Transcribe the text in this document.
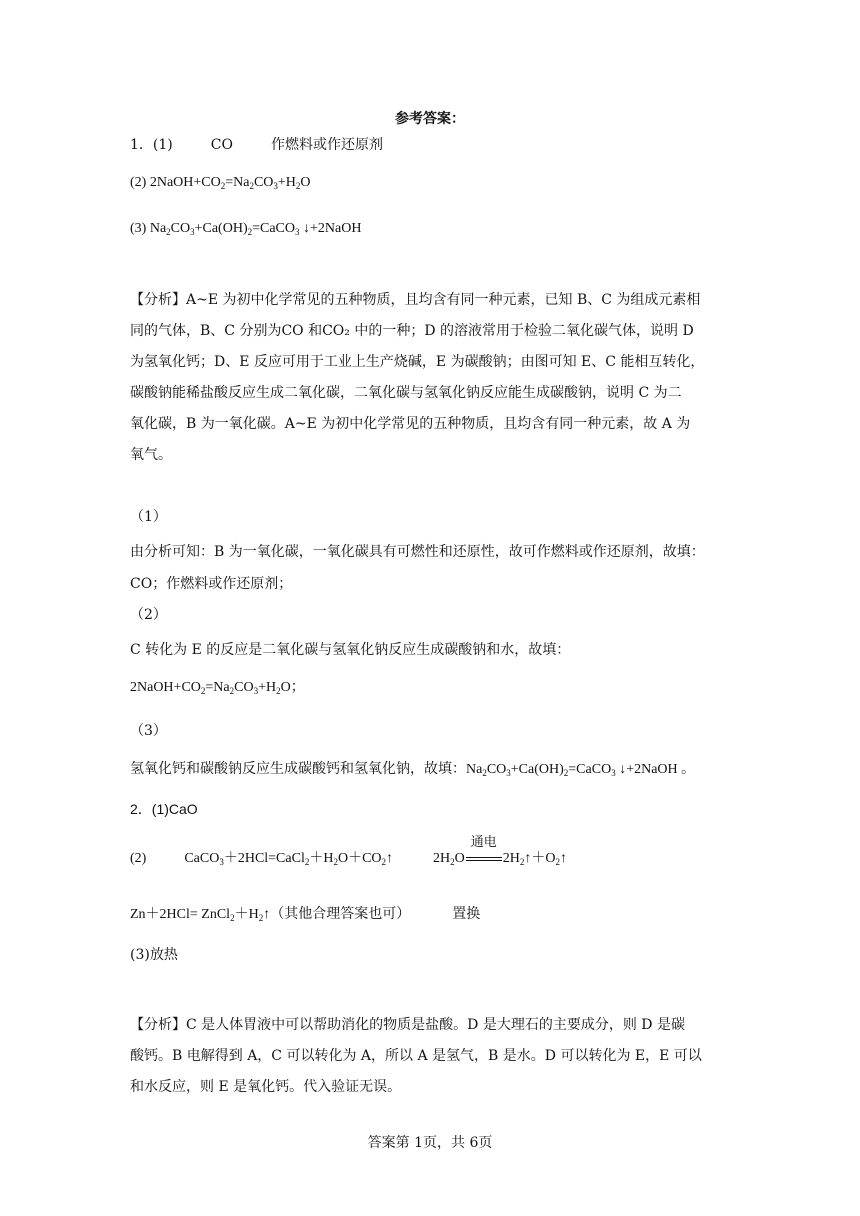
参考答案：
1．(1)	CO	作燃料或作还原剂
(2) $2NaOH+CO_2=Na_2CO_3+H_2O$
(3) $Na_2CO_3+Ca(OH)_2=CaCO_3$ ↓+2NaOH
【分析】A~E 为初中化学常见的五种物质，且均含有同一种元素，已知 B、C 为组成元素相
同的气体，B、C 分别为CO 和CO₂ 中的一种；D 的溶液常用于检验二氧化碳气体，说明 D
为氢氧化钙；D、E 反应可用于工业上生产烧碱，E 为碳酸钠；由图可知 E、C 能相互转化，
碳酸钠能稀盐酸反应生成二氧化碳，二氧化碳与氢氧化钠反应能生成碳酸钠，说明 C 为二
氧化碳，B 为一氧化碳。A~E 为初中化学常见的五种物质，且均含有同一种元素，故 A 为
氧气。
（1）
由分析可知：B 为一氧化碳，一氧化碳具有可燃性和还原性，故可作燃料或作还原剂，故填：
CO；作燃料或作还原剂；
（2）
C 转化为 E 的反应是二氧化碳与氢氧化钠反应生成碳酸钠和水，故填：
$2NaOH+CO_2=Na_2CO_3+H_2O$；
（3）
氢氧化钙和碳酸钠反应生成碳酸钙和氢氧化钠，故填：$Na_2CO_3+Ca(OH)_2=CaCO_3$ ↓+2NaOH 。
2．(1)CaO
(2)	$CaCO_3+2HCl=CaCl_2+H_2O+CO_2↑$	$2H_2O$
通电
$2H_2↑+O_2↑$
$Zn+2HCl= ZnCl_2+H_2↑$（其他合理答案也可）	置换
(3)放热
【分析】C 是人体胃液中可以帮助消化的物质是盐酸。D 是大理石的主要成分，则 D 是碳
酸钙。B 电解得到 A，C 可以转化为 A，所以 A 是氢气，B 是水。D 可以转化为 E，E 可以
和水反应，则 E 是氧化钙。代入验证无误。
答案第 1页，共 6页
